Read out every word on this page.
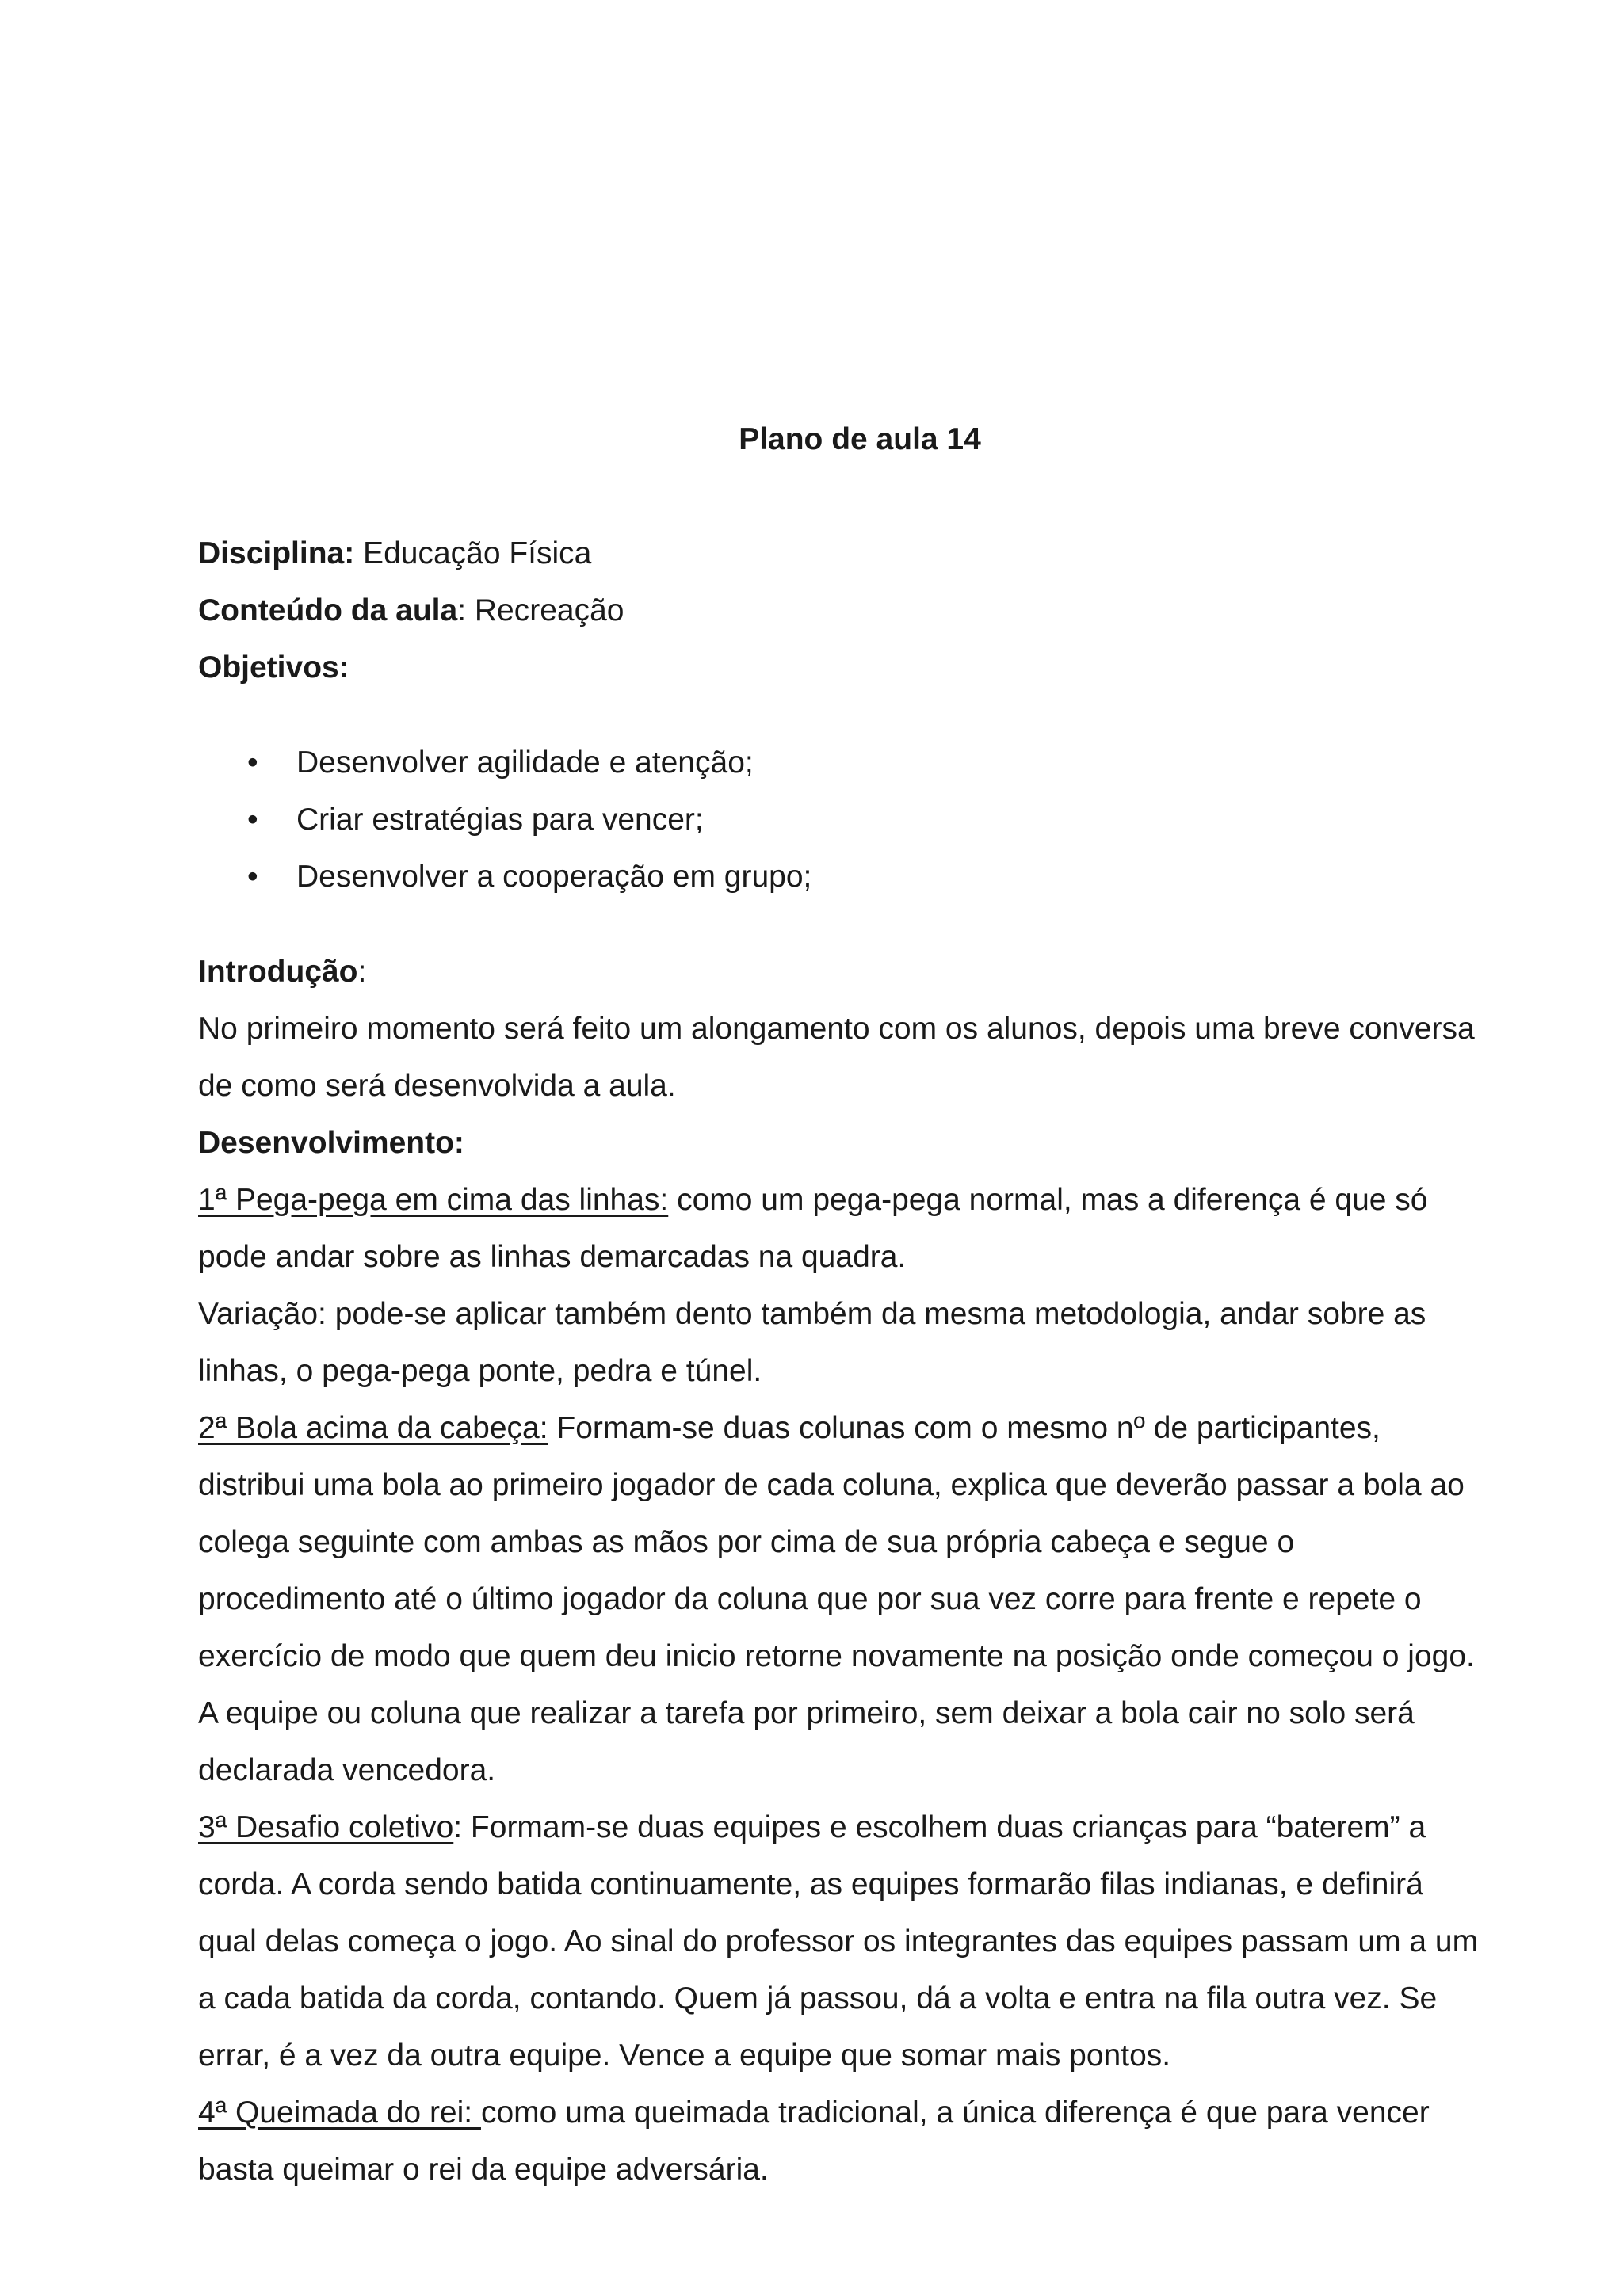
Plano de aula 14
Disciplina: Educação Física
Conteúdo da aula: Recreação
Objetivos:
• Desenvolver agilidade e atenção;
• Criar estratégias para vencer;
• Desenvolver a cooperação em grupo;
Introdução:

No primeiro momento será feito um alongamento com os alunos, depois uma breve conversa de como será desenvolvida a aula.

Desenvolvimento:

1ª Pega-pega em cima das linhas: como um pega-pega normal, mas a diferença é que só pode andar sobre as linhas demarcadas na quadra.

Variação: pode-se aplicar também dento também da mesma metodologia, andar sobre as linhas, o pega-pega ponte, pedra e túnel.

2ª Bola acima da cabeça: Formam-se duas colunas com o mesmo nº de participantes, distribui uma bola ao primeiro jogador de cada coluna, explica que deverão passar a bola ao colega seguinte com ambas as mãos por cima de sua própria cabeça e segue o procedimento até o último jogador da coluna que por sua vez corre para frente e repete o exercício de modo que quem deu inicio retorne novamente na posição onde começou o jogo. A equipe ou coluna que realizar a tarefa por primeiro, sem deixar a bola cair no solo será declarada vencedora.

3ª Desafio coletivo: Formam-se duas equipes e escolhem duas crianças para “baterem” a corda. A corda sendo batida continuamente, as equipes formarão filas indianas, e definirá qual delas começa o jogo. Ao sinal do professor os integrantes das equipes passam um a um a cada batida da corda, contando. Quem já passou, dá a volta e entra na fila outra vez. Se errar, é a vez da outra equipe. Vence a equipe que somar mais pontos.

4ª Queimada do rei: como uma queimada tradicional, a única diferença é que para vencer basta queimar o rei da equipe adversária.
